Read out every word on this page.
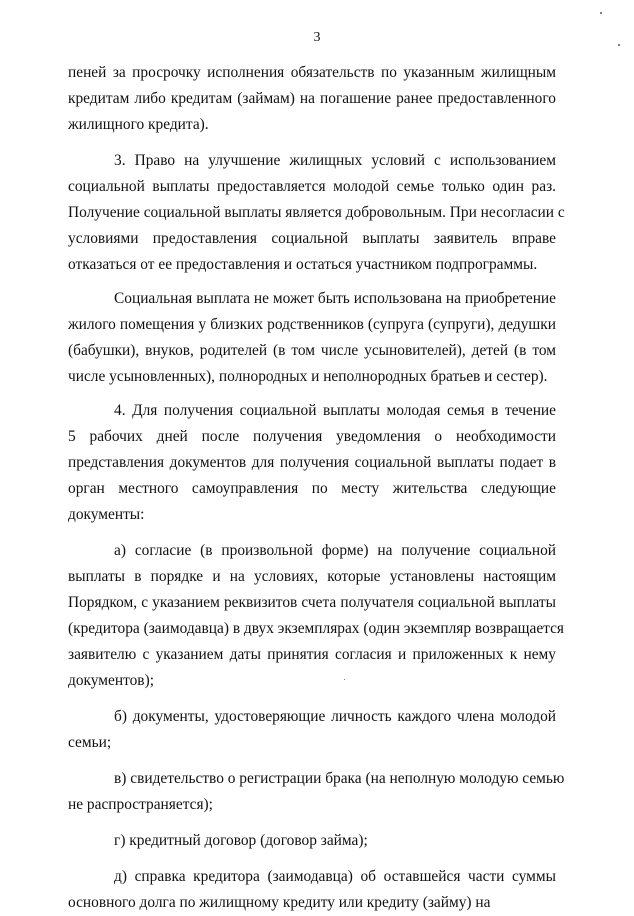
3
пеней за просрочку исполнения обязательств по указанным жилищным
кредитам либо кредитам (займам) на погашение ранее предоставленного
жилищного кредита).
3. Право на улучшение жилищных условий с использованием
социальной выплаты предоставляется молодой семье только один раз.
Получение социальной выплаты является добровольным. При несогласии с
условиями предоставления социальной выплаты заявитель вправе
отказаться от ее предоставления и остаться участником подпрограммы.
Социальная выплата не может быть использована на приобретение
жилого помещения у близких родственников (супруга (супруги), дедушки
(бабушки), внуков, родителей (в том числе усыновителей), детей (в том
числе усыновленных), полнородных и неполнородных братьев и сестер).
4. Для получения социальной выплаты молодая семья в течение
5 рабочих дней после получения уведомления о необходимости
представления документов для получения социальной выплаты подает в
орган местного самоуправления по месту жительства следующие
документы:
а) согласие (в произвольной форме) на получение социальной
выплаты в порядке и на условиях, которые установлены настоящим
Порядком, с указанием реквизитов счета получателя социальной выплаты
(кредитора (заимодавца) в двух экземплярах (один экземпляр возвращается
заявителю с указанием даты принятия согласия и приложенных к нему
документов);
б) документы, удостоверяющие личность каждого члена молодой
семьи;
в) свидетельство о регистрации брака (на неполную молодую семью
не распространяется);
г) кредитный договор (договор займа);
д) справка кредитора (заимодавца) об оставшейся части суммы
основного долга по жилищному кредиту или кредиту (займу) на
